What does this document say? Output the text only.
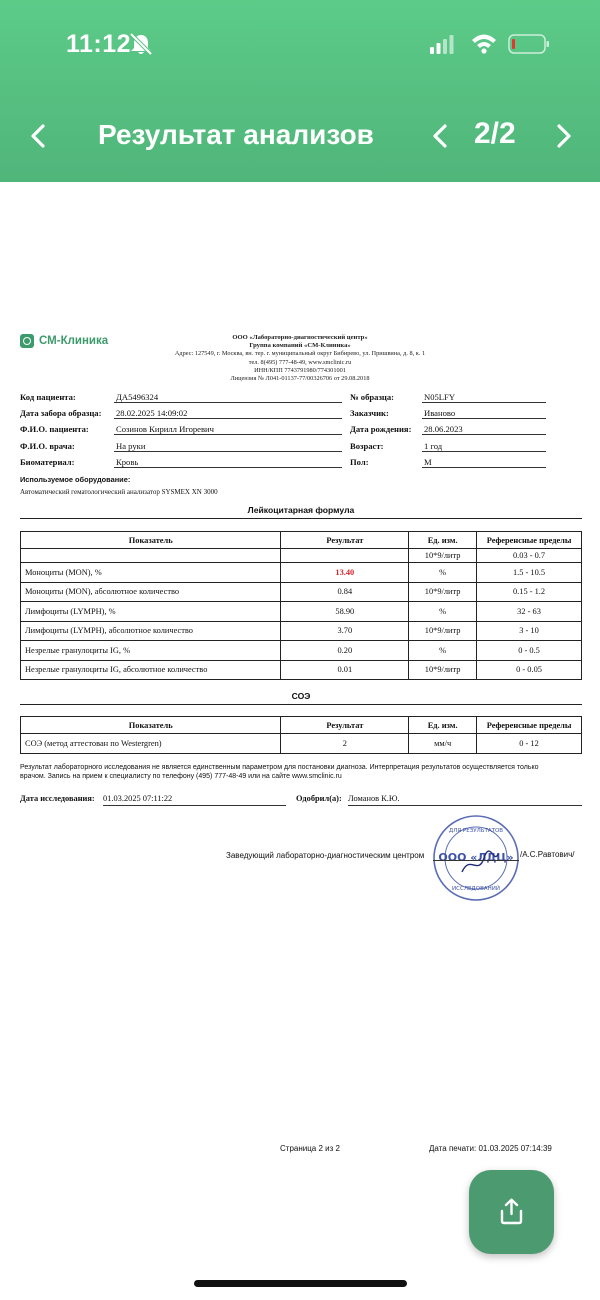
11:12
Результат анализов	2/2
СМ-Клиника	ООО «Лабораторно-диагностический центр»
Группа компаний «СМ-Клиника»
Адрес: 127549, г. Москва, вн. тер. г. муниципальный округ Бибирево, ул. Пришвина, д. 8, к. 1
тел. 8(495) 777-48-49, www.smclinic.ru
ИНН/КПП 7743791980/774301001
Лицензия № Л041-01137-77/00326706 от 29.08.2018
Код пациента:	ДА5496324
Дата забора образца: 28.02.2025 14:09:02
Ф.И.О. пациента:	Созинов Кирилл Игоревич
Ф.И.О. врача:	На руки
Биоматериал:	Кровь
№ образца:	N05LFY
Заказчик:	Иваново
Дата рождения: 28.06.2023
Возраст:	1 год
Пол:	М
Используемое оборудование:
Автоматический гематологический анализатор SYSMEX XN 3000
Лейкоцитарная формула
Показатель	Результат	Ед. изм.	Референсные пределы
		10*9/литр	0.03 - 0.7
Моноциты (MON), %	13.40	%	1.5 - 10.5
Моноциты (MON), абсолютное количество	0.84	10*9/литр	0.15 - 1.2
Лимфоциты (LYMPH), %	58.90	%	32 - 63
Лимфоциты (LYMPH), абсолютное количество	3.70	10*9/литр	3 - 10
Незрелые гранулоциты IG, %	0.20	%	0 - 0.5
Незрелые гранулоциты IG, абсолютное количество	0.01	10*9/литр	0 - 0.05
СОЭ
Показатель	Результат	Ед. изм.	Референсные пределы
СОЭ (метод аттестован по Westergren)	2	мм/ч	0 - 12
Результат лабораторного исследования не является единственным параметром для постановки диагноза. Интерпретация результатов осуществляется только врачом. Запись на прием к специалисту по телефону (495) 777-48-49 или на сайте www.smclinic.ru
Дата исследования: 01.03.2025 07:11:22	Одобрил(а): Ломанов К.Ю.
ДЛЯ РЕЗУЛЬТАТОВ
ООО «ЛДЦ»
ИССЛЕДОВАНИЙ
Заведующий лабораторно-диагностическим центром	/А.С.Равтович/
Страница 2 из 2	Дата печати: 01.03.2025 07:14:39
